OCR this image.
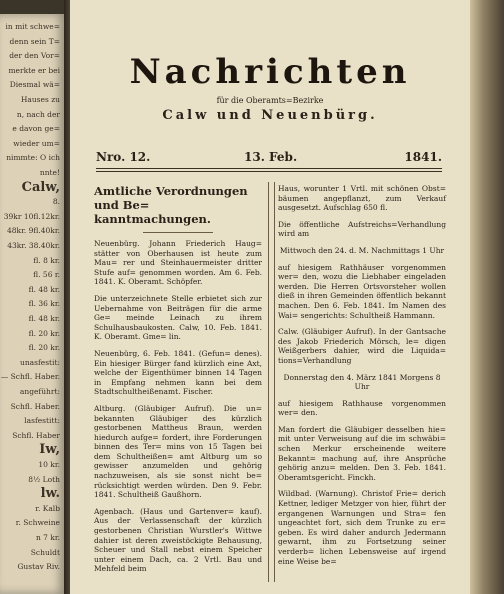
in mit schwe=
denn sein T=
der den Vor=
merkte er bei
Diesmal wä=
Hauses zu
n, nach der
e davon ge=
wieder um=
nimmte: O ich
nnte!
Calw,
8.
39kr 10fl.12kr.
48kr. 9fl.40kr.
43kr. 38.40kr.
fl. 8 kr.
fl. 56 r.
fl. 48 kr.
fl. 36 kr.
fl. 48 kr.
fl. 20 kr.
fl. 20 kr.
unasfestit:
— Schfl. Haber.
angeführt:
Schfl. Haber.
lasfestitt:
Schfl. Haber
Iw,
10 kr.
8½ Loth
lw.
r. Kalb
r. Schweine
n 7 kr.
Schuldt
Gustav Riv.
Nachrichten
für die Oberamts=Bezirke
Calw und Neuenbürg.
Nro. 12.	13. Feb.	1841.
Amtliche Verordnungen und Be= kanntmachungen.

Neuenbürg. Johann Friederich Haug= stätter von Oberhausen ist heute zum Mau= rer und Steinhauermeister dritter Stufe auf= genommen worden. Am 6. Feb. 1841. K. Oberamt. Schöpfer.

Die unterzeichnete Stelle erbietet sich zur Uebernahme von Beiträgen für die arme Ge= meinde Leinach zu ihrem Schulhausbaukosten. Calw, 10. Feb. 1841. K. Oberamt. Gme= lin.

Neuenbürg, 6. Feb. 1841. (Gefun= denes). Ein hiesiger Bürger fand kürzlich eine Axt, welche der Eigenthümer binnen 14 Tagen in Empfang nehmen kann bei dem Stadtschultheißenamt. Fischer.

Altburg. (Gläubiger Aufruf). Die un= bekannten Gläubiger des kürzlich gestorbenen Mattheus Braun, werden hiedurch aufge= fordert, ihre Forderungen binnen des Ter= mins von 15 Tagen bei dem Schultheißen= amt Altburg um so gewisser anzumelden und gehörig nachzuweisen, als sie sonst nicht be= rücksichtigt werden würden. Den 9. Febr. 1841. Schultheiß Gaußhorn.

Agenbach. (Haus und Gartenver= kauf). Aus der Verlassenschaft der kürzlich gestorbenen Christian Wurstler's Wittwe dahier ist deren zweistöckigte Behausung, Scheuer und Stall nebst einem Speicher unter einem Dach, ca. 2 Vrtl. Bau und Mehfeld beim

Haus, worunter 1 Vrtl. mit schönen Obst= bäumen angepflanzt, zum Verkauf ausgesetzt. Aufschlag 650 fl.

Die öffentliche Aufstreichs=Verhandlung wird am

Mittwoch den 24. d. M. Nachmittags 1 Uhr

auf hiesigem Rathhäuser vorgenommen wer= den, wozu die Liebhaber eingeladen werden. Die Herren Ortsvorsteher wollen dieß in ihren Gemeinden öffentlich bekannt machen. Den 6. Feb. 1841. Im Namen des Wai= sengerichts: Schultheiß Hammann.

Calw. (Gläubiger Aufruf). In der Gantsache des Jakob Friederich Mörsch, le= digen Weißgerbers dahier, wird die Liquida= tions=Verhandlung

Donnerstag den 4. März 1841 Morgens 8 Uhr

auf hiesigem Rathhause vorgenommen wer= den.

Man fordert die Gläubiger desselben hie= mit unter Verweisung auf die im schwäbi= schen Merkur erscheinende weitere Bekannt= machung auf, ihre Ansprüche gehörig anzu= melden. Den 3. Feb. 1841. Oberamtsgericht. Finckh.

Wildbad. (Warnung). Christof Frie= derich Kettner, lediger Metzger von hier, führt der ergangenen Warnungen und Stra= fen ungeachtet fort, sich dem Trunke zu er= geben. Es wird daher andurch Jedermann gewarnt, ihm zu Fortsetzung seiner verderb= lichen Lebensweise auf irgend eine Weise be=
